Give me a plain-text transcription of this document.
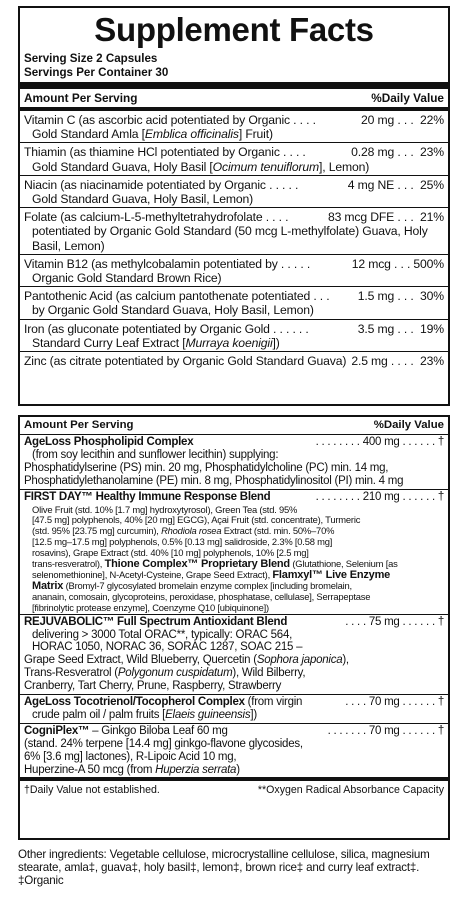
Supplement Facts
Serving Size 2 Capsules
Servings Per Container 30
Amount Per Serving	%Daily Value
20 mg . . .  22%
Vitamin C (as ascorbic acid potentiated by Organic . . . .
Gold Standard Amla [Emblica officinalis] Fruit)
0.28 mg . . .  23%
Thiamin (as thiamine HCl potentiated by Organic . . . .
Gold Standard Guava, Holy Basil [Ocimum tenuiflorum], Lemon)
4 mg NE . . .  25%
Niacin (as niacinamide potentiated by Organic . . . . .
Gold Standard Guava, Holy Basil, Lemon)
83 mcg DFE . . .  21%
Folate (as calcium-L-5-methyltetrahydrofolate . . . .
potentiated by Organic Gold Standard (50 mcg L-methylfolate) Guava, Holy Basil, Lemon)
12 mcg . . . 500%
Vitamin B12 (as methylcobalamin potentiated by . . . . .
Organic Gold Standard Brown Rice)
1.5 mg . . .  30%
Pantothenic Acid (as calcium pantothenate potentiated . . .
by Organic Gold Standard Guava, Holy Basil, Lemon)
3.5 mg . . .  19%
Iron (as gluconate potentiated by Organic Gold . . . . . .
Standard Curry Leaf Extract [Murraya koenigii])
2.5 mg . . . .  23%
Zinc (as citrate potentiated by Organic Gold Standard Guava)
Amount Per Serving	%Daily Value
. . . . . . . . 400 mg . . . . . . †
AgeLoss Phospholipid Complex
(from soy lecithin and sunflower lecithin) supplying:
Phosphatidylserine (PS) min. 20 mg, Phosphatidylcholine (PC) min. 14 mg,
Phosphatidylethanolamine (PE) min. 8 mg, Phosphatidylinositol (PI) min. 4 mg
. . . . . . . . 210 mg . . . . . . †
FIRST DAY™ Healthy Immune Response Blend
Olive Fruit (std. 10% [1.7 mg] hydroxytyrosol), Green Tea (std. 95%
[47.5 mg] polyphenols, 40% [20 mg] EGCG), Açai Fruit (std. concentrate), Turmeric
(std. 95% [23.75 mg] curcumin), Rhodiola rosea Extract (std. min. 50%–70%
[12.5 mg–17.5 mg] polyphenols, 0.5% [0.13 mg] salidroside, 2.3% [0.58 mg]
rosavins), Grape Extract (std. 40% [10 mg] polyphenols, 10% [2.5 mg]
trans-resveratrol), Thione Complex™ Proprietary Blend (Glutathione, Selenium [as
selenomethionine], N-Acetyl-Cysteine, Grape Seed Extract), Flamxyl™ Live Enzyme
Matrix (Bromyl-7 glycosylated bromelain enzyme complex [including bromelain,
ananain, comosain, glycoproteins, peroxidase, phosphatase, cellulase], Serrapeptase
[fibrinolytic protease enzyme], Coenzyme Q10 [ubiquinone])
. . . . 75 mg . . . . . . †
REJUVABOLIC™ Full Spectrum Antioxidant Blend
delivering > 3000 Total ORAC**, typically: ORAC 564,
HORAC 1050, NORAC 36, SORAC 1287, SOAC 215 –
Grape Seed Extract, Wild Blueberry, Quercetin (Sophora japonica),
Trans-Resveratrol (Polygonum cuspidatum), Wild Bilberry,
Cranberry, Tart Cherry, Prune, Raspberry, Strawberry
. . . . 70 mg . . . . . . †
AgeLoss Tocotrienol/Tocopherol Complex (from virgin
crude palm oil / palm fruits [Elaeis guineensis])
. . . . . . . 70 mg . . . . . . †
CogniPlex™ – Ginkgo Biloba Leaf 60 mg
(stand. 24% terpene [14.4 mg] ginkgo-flavone glycosides,
6% [3.6 mg] lactones), R-Lipoic Acid 10 mg,
Huperzine-A 50 mcg (from Huperzia serrata)
†Daily Value not established.	**Oxygen Radical Absorbance Capacity
Other ingredients: Vegetable cellulose, microcrystalline cellulose, silica, magnesium stearate, amla‡, guava‡, holy basil‡, lemon‡, brown rice‡ and curry leaf extract‡.
‡Organic
